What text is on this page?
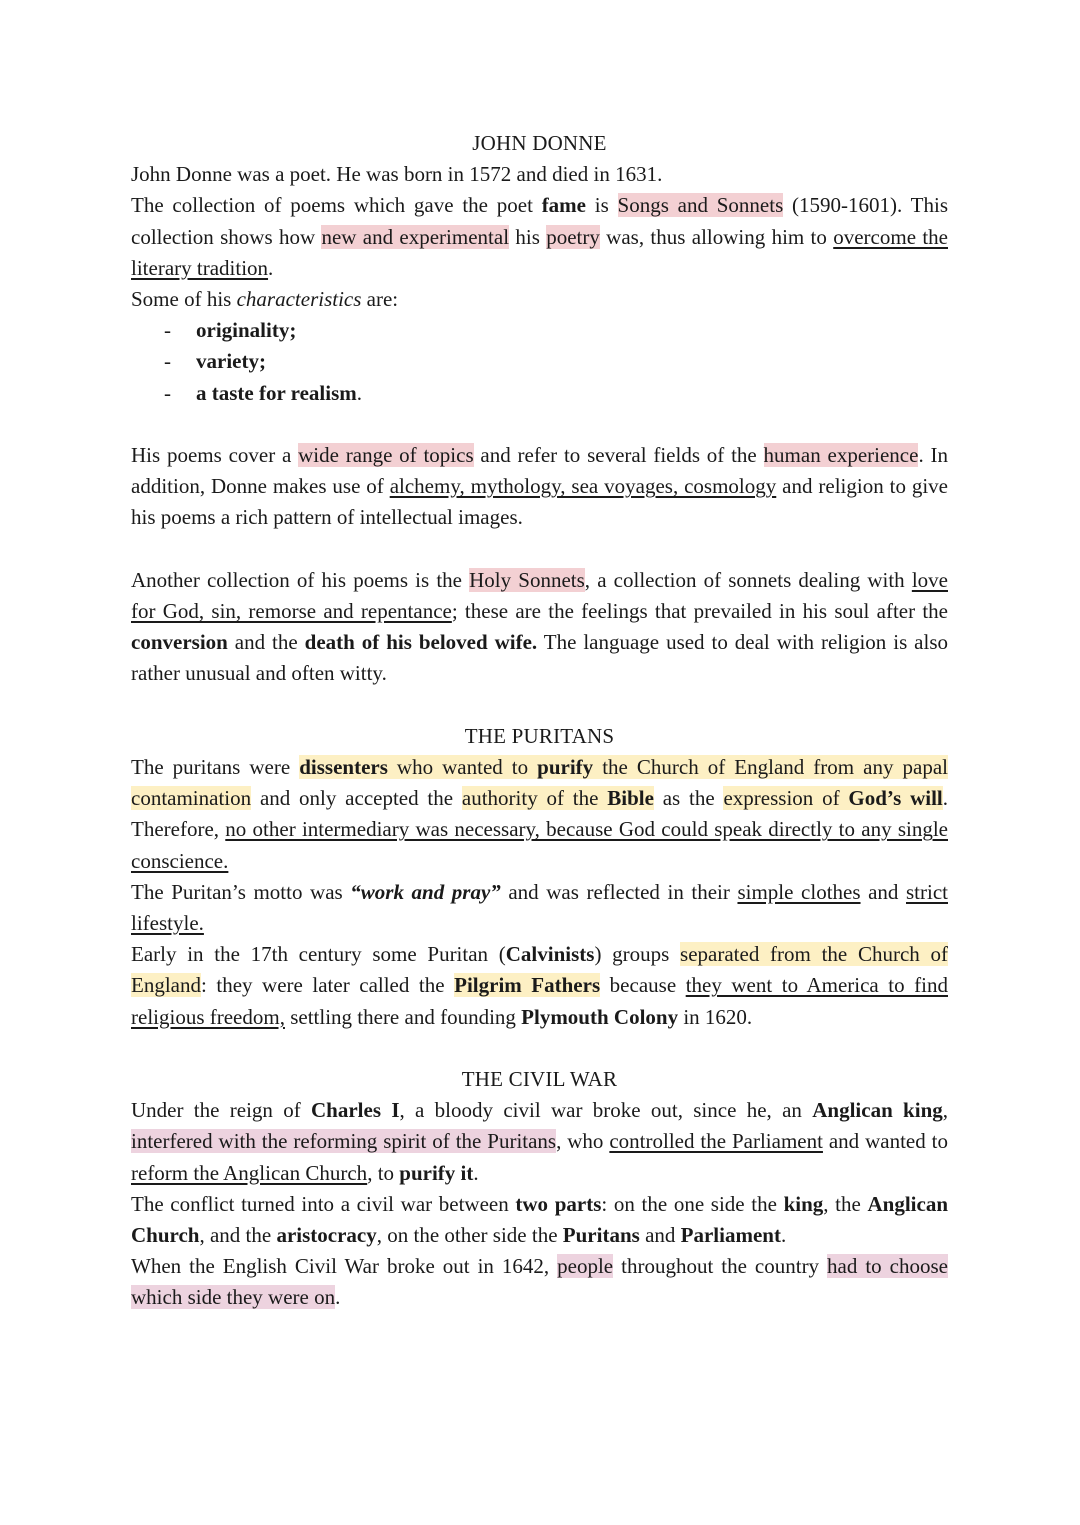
JOHN DONNE

John Donne was a poet. He was born in 1572 and died in 1631.

The collection of poems which gave the poet fame is Songs and Sonnets (1590-1601). This collection shows how new and experimental his poetry was, thus allowing him to overcome the literary tradition.

Some of his characteristics are:

- originality;
- variety;
- a taste for realism.

His poems cover a wide range of topics and refer to several fields of the human experience. In addition, Donne makes use of alchemy, mythology, sea voyages, cosmology and religion to give his poems a rich pattern of intellectual images.

Another collection of his poems is the Holy Sonnets, a collection of sonnets dealing with love for God, sin, remorse and repentance; these are the feelings that prevailed in his soul after the conversion and the death of his beloved wife. The language used to deal with religion is also rather unusual and often witty.

THE PURITANS

The puritans were dissenters who wanted to purify the Church of England from any papal contamination and only accepted the authority of the Bible as the expression of God’s will. Therefore, no other intermediary was necessary, because God could speak directly to any single conscience.

The Puritan’s motto was “work and pray” and was reflected in their simple clothes and strict lifestyle.

Early in the 17th century some Puritan (Calvinists) groups separated from the Church of England: they were later called the Pilgrim Fathers because they went to America to find religious freedom, settling there and founding Plymouth Colony in 1620.

THE CIVIL WAR

Under the reign of Charles I, a bloody civil war broke out, since he, an Anglican king, interfered with the reforming spirit of the Puritans, who controlled the Parliament and wanted to reform the Anglican Church, to purify it.

The conflict turned into a civil war between two parts: on the one side the king, the Anglican Church, and the aristocracy, on the other side the Puritans and Parliament.

When the English Civil War broke out in 1642, people throughout the country had to choose which side they were on.
